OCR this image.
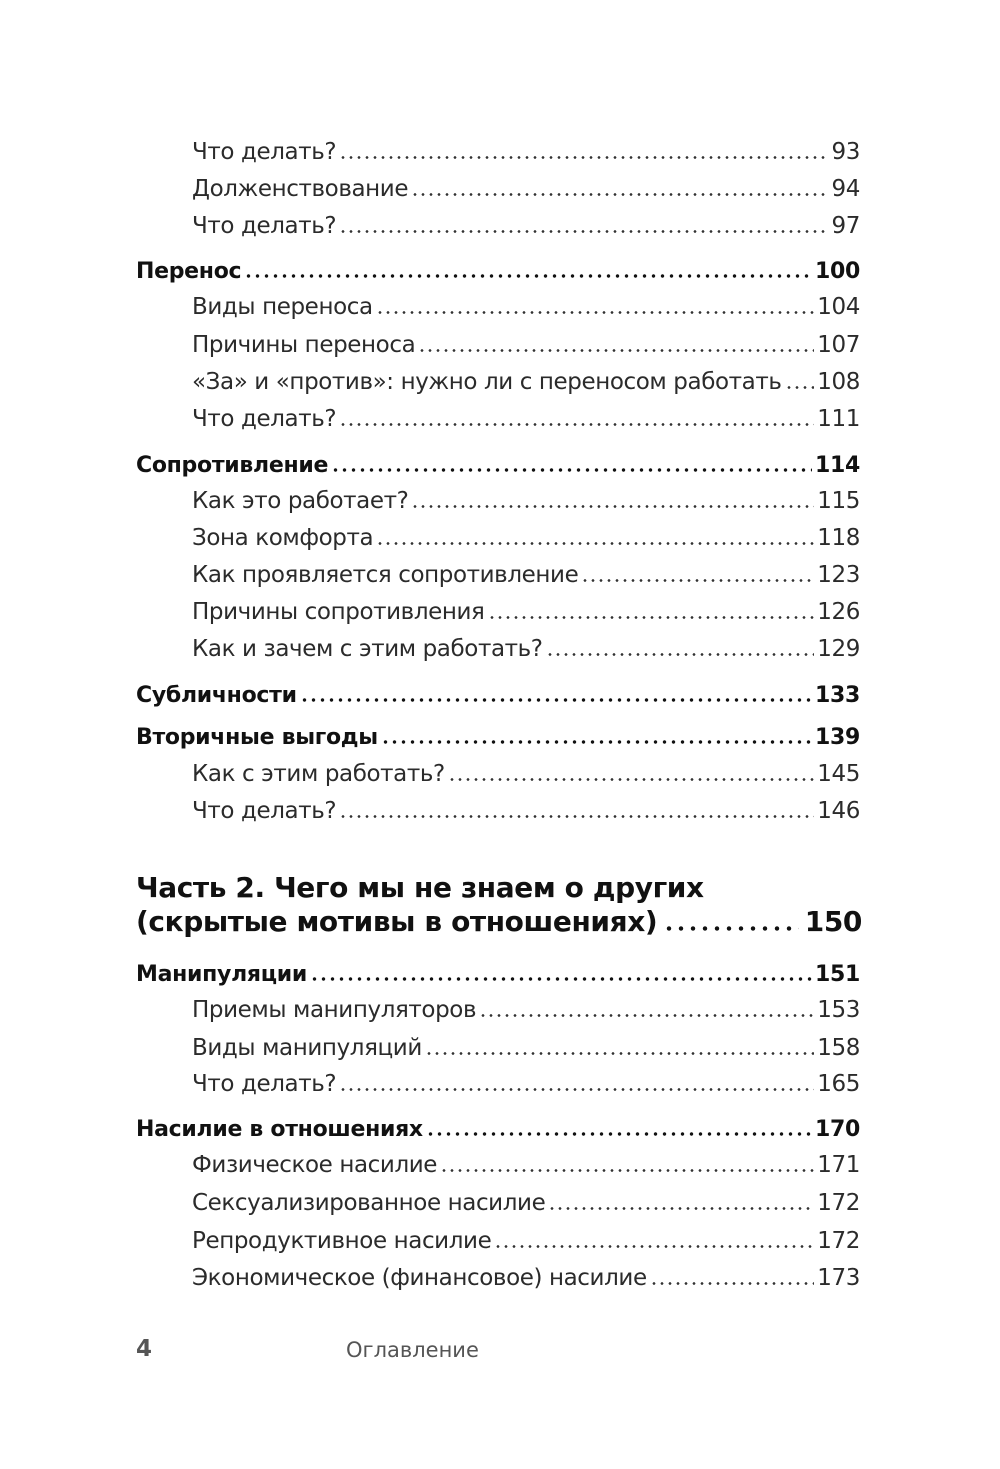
Что делать?	93
Долженствование	94
Что делать?	97
Перенос	100
Виды переноса	104
Причины переноса	107
«За» и «против»: нужно ли с переносом работать 108
Что делать?	111
Сопротивление	114
Как это работает?	115
Зона комфорта	118
Как проявляется сопротивление	123
Причины сопротивления	126
Как и зачем с этим работать?	129
Субличности	133
Вторичные выгоды	139
Как с этим работать?	145
Что делать?	146
Часть 2. Чего мы не знаем о других
(скрытые мотивы в отношениях)	150
Манипуляции	151
Приемы манипуляторов	153
Виды манипуляций	158
Что делать?	165
Насилие в отношениях	170
Физическое насилие	171
Сексуализированное насилие	172
Репродуктивное насилие	172
Экономическое (финансовое) насилие	173
4	Оглавление
